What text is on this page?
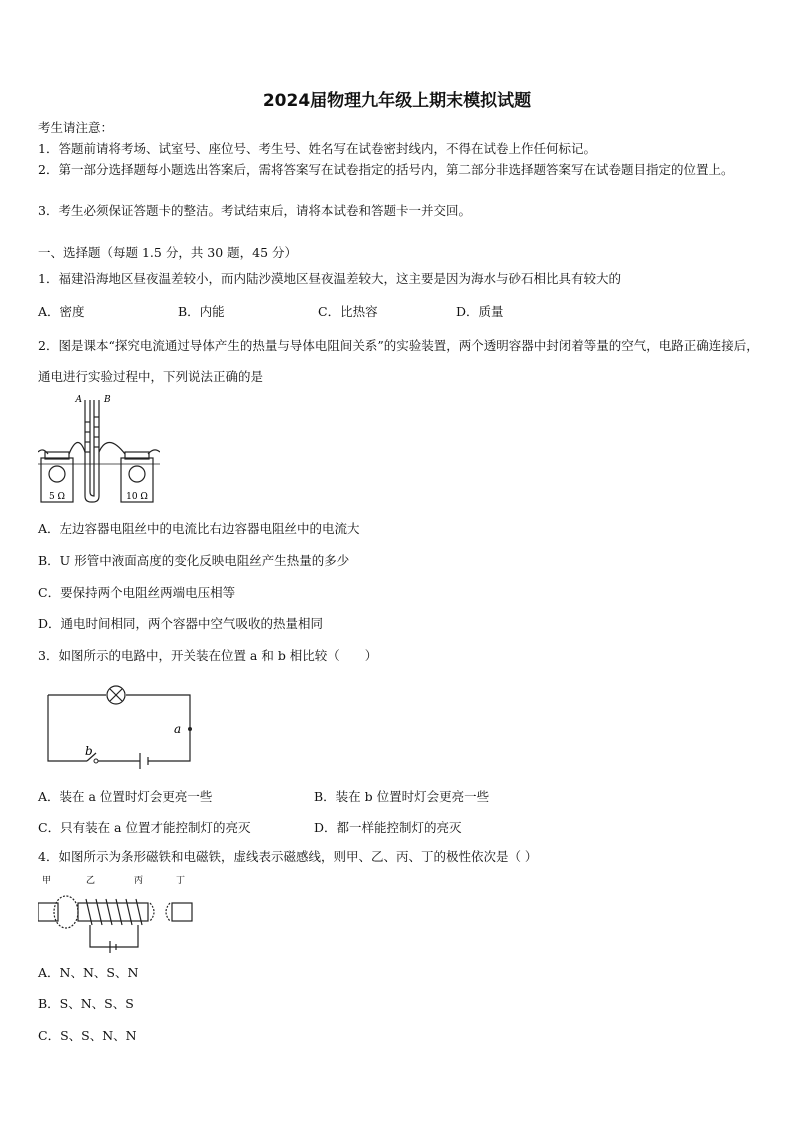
2024届物理九年级上期末模拟试题
考生请注意：
1．答题前请将考场、试室号、座位号、考生号、姓名写在试卷密封线内，不得在试卷上作任何标记。
2．第一部分选择题每小题选出答案后，需将答案写在试卷指定的括号内，第二部分非选择题答案写在试卷题目指定的位置上。
3．考生必须保证答题卡的整洁。考试结束后，请将本试卷和答题卡一并交回。
一、选择题（每题 1.5 分，共 30 题，45 分）
1．福建沿海地区昼夜温差较小，而内陆沙漠地区昼夜温差较大，这主要是因为海水与砂石相比具有较大的
A．密度	B．内能	C．比热容	D．质量
2．图是课本“探究电流通过导体产生的热量与导体电阻间关系”的实验装置，两个透明容器中封闭着等量的空气，电路正确连接后，通电进行实验过程中，下列说法正确的是
A B
5 Ω	10 Ω
A．左边容器电阻丝中的电流比右边容器电阻丝中的电流大
B．U 形管中液面高度的变化反映电阻丝产生热量的多少
C．要保持两个电阻丝两端电压相等
D．通电时间相同，两个容器中空气吸收的热量相同
3．如图所示的电路中，开关装在位置 a 和 b 相比较（　　）
a
b
A．装在 a 位置时灯会更亮一些	B．装在 b 位置时灯会更亮一些
C．只有装在 a 位置才能控制灯的亮灭	D．都一样能控制灯的亮灭
4．如图所示为条形磁铁和电磁铁，虚线表示磁感线，则甲、乙、丙、丁的极性依次是（ ）
甲	乙	丙	丁
A．N、N、S、N
B．S、N、S、S
C．S、S、N、N
